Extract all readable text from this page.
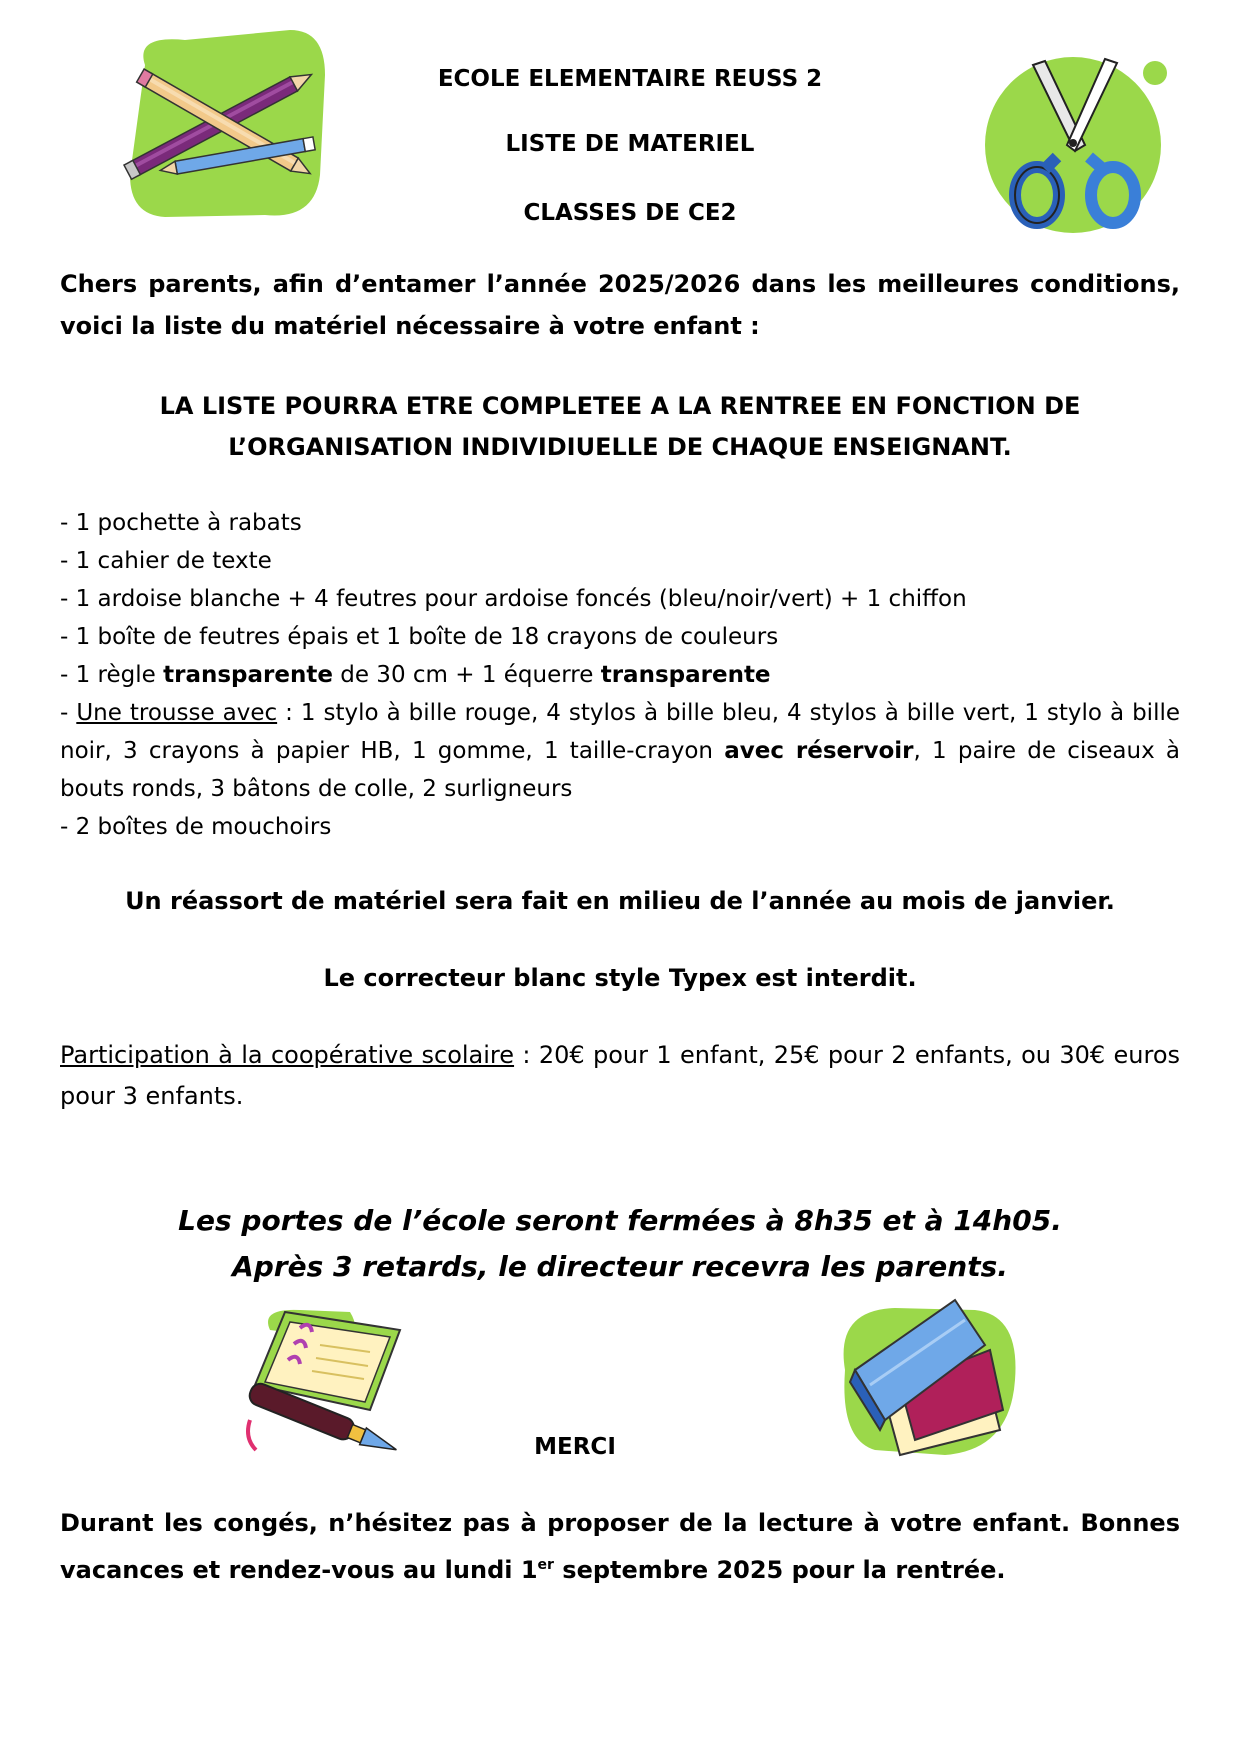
ECOLE ELEMENTAIRE REUSS 2
LISTE DE MATERIEL
CLASSES DE CE2
Chers parents, afin d’entamer l’année 2025/2026 dans les meilleures conditions, voici la liste du matériel nécessaire à votre enfant :
LA LISTE POURRA ETRE COMPLETEE A LA RENTREE EN FONCTION DE
L’ORGANISATION INDIVIDIUELLE DE CHAQUE ENSEIGNANT.
- 1 pochette à rabats
- 1 cahier de texte
- 1 ardoise blanche + 4 feutres pour ardoise foncés (bleu/noir/vert) + 1 chiffon
- 1 boîte de feutres épais et 1 boîte de 18 crayons de couleurs
- 1 règle transparente de 30 cm + 1 équerre transparente
- Une trousse avec : 1 stylo à bille rouge, 4 stylos à bille bleu, 4 stylos à bille vert, 1 stylo à bille noir, 3 crayons à papier HB, 1 gomme, 1 taille-crayon avec réservoir, 1 paire de ciseaux à bouts ronds, 3 bâtons de colle, 2 surligneurs
- 2 boîtes de mouchoirs
Un réassort de matériel sera fait en milieu de l’année au mois de janvier.
Le correcteur blanc style Typex est interdit.
Participation à la coopérative scolaire : 20€ pour 1 enfant, 25€ pour 2 enfants, ou 30€ euros pour 3 enfants.
Les portes de l’école seront fermées à 8h35 et à 14h05.
Après 3 retards, le directeur recevra les parents.
MERCI
Durant les congés, n’hésitez pas à proposer de la lecture à votre enfant. Bonnes vacances et rendez-vous au lundi 1er septembre 2025 pour la rentrée.
